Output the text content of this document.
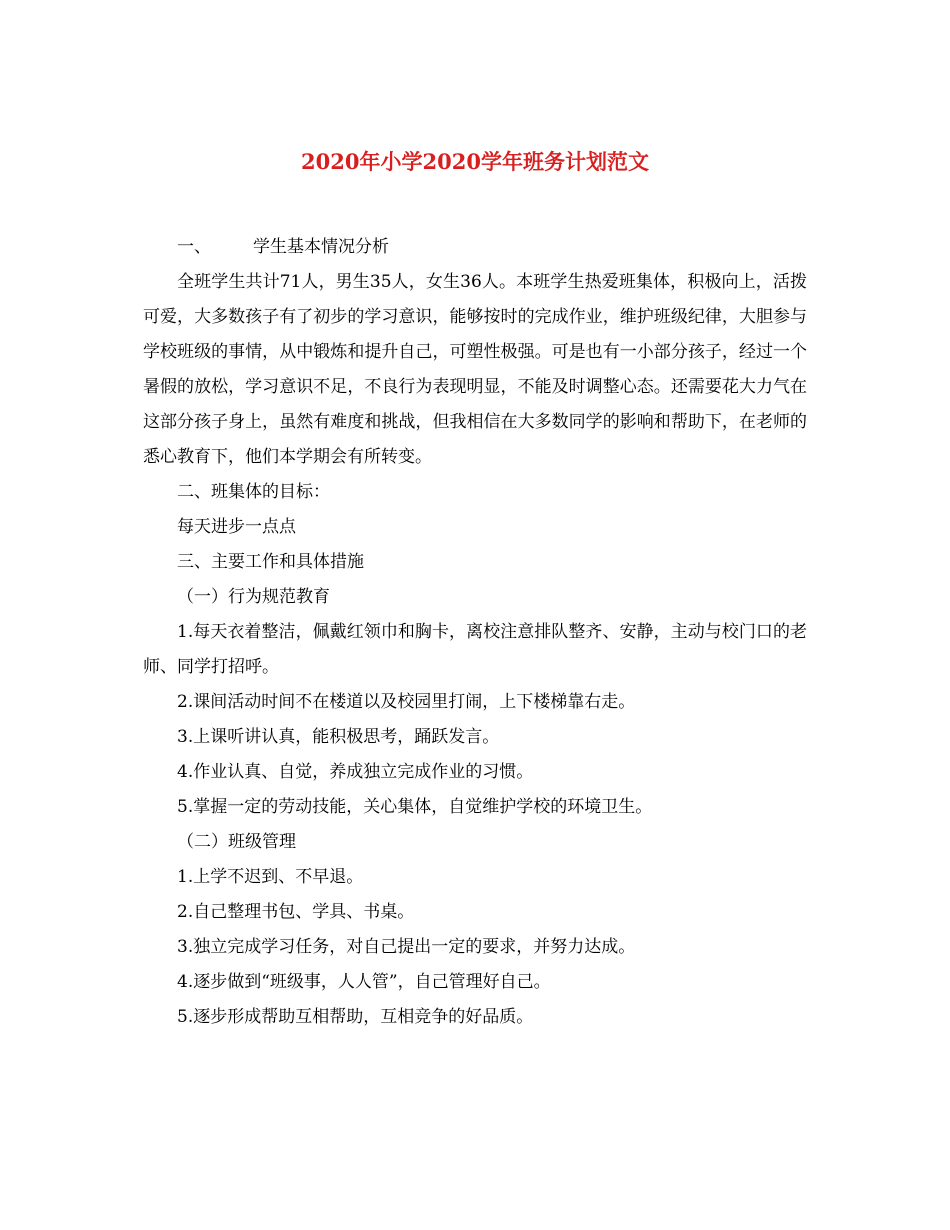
2020年小学2020学年班务计划范文

一、 学生基本情况分析

全班学生共计71人，男生35人，女生36人。本班学生热爱班集体，积极向上，活拨可爱，大多数孩子有了初步的学习意识，能够按时的完成作业，维护班级纪律，大胆参与学校班级的事情，从中锻炼和提升自己，可塑性极强。可是也有一小部分孩子，经过一个暑假的放松，学习意识不足，不良行为表现明显，不能及时调整心态。还需要花大力气在这部分孩子身上，虽然有难度和挑战，但我相信在大多数同学的影响和帮助下，在老师的悉心教育下，他们本学期会有所转变。

二、班集体的目标：

每天进步一点点

三、主要工作和具体措施

（一）行为规范教育

1.每天衣着整洁，佩戴红领巾和胸卡，离校注意排队整齐、安静，主动与校门口的老师、同学打招呼。

2.课间活动时间不在楼道以及校园里打闹，上下楼梯靠右走。

3.上课听讲认真，能积极思考，踊跃发言。

4.作业认真、自觉，养成独立完成作业的习惯。

5.掌握一定的劳动技能，关心集体，自觉维护学校的环境卫生。

（二）班级管理

1.上学不迟到、不早退。

2.自己整理书包、学具、书桌。

3.独立完成学习任务，对自己提出一定的要求，并努力达成。

4.逐步做到“班级事，人人管”，自己管理好自己。

5.逐步形成帮助互相帮助，互相竞争的好品质。
